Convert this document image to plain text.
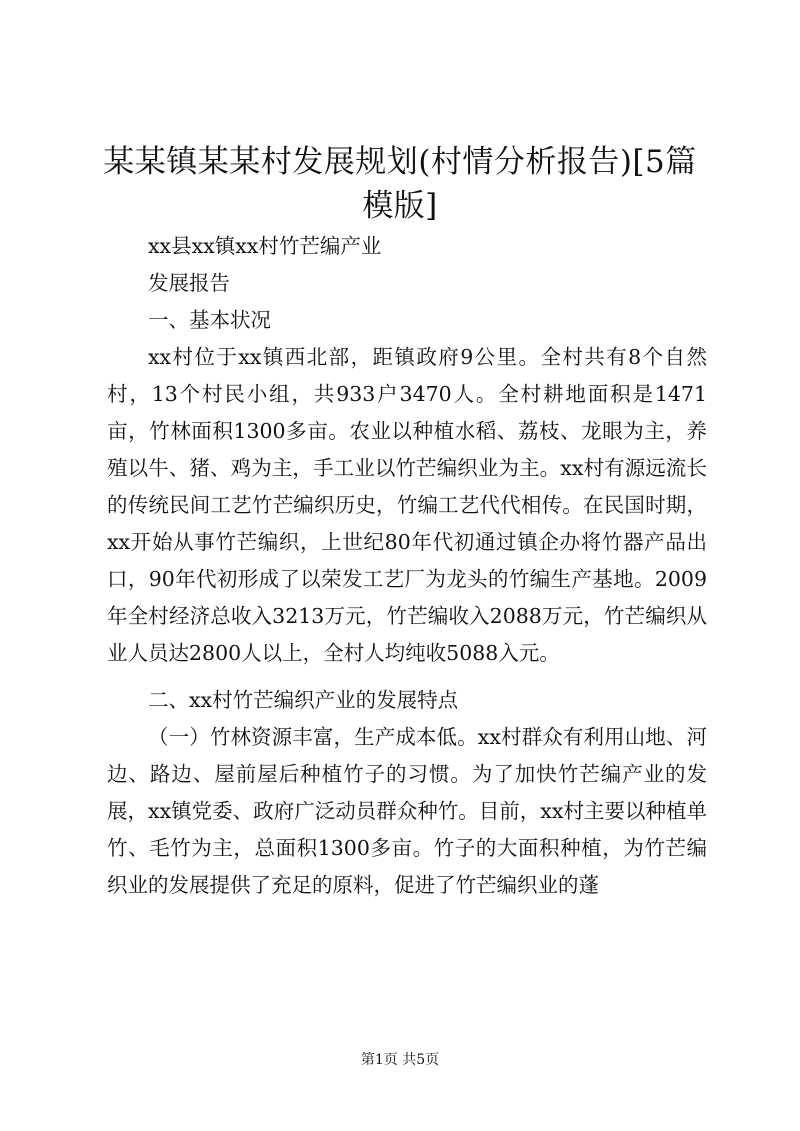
某某镇某某村发展规划(村情分析报告)[5篇模版]

xx县xx镇xx村竹芒编产业

发展报告

一、基本状况

xx村位于xx镇西北部，距镇政府9公里。全村共有8个自然村，13个村民小组，共933户3470人。全村耕地面积是1471亩，竹林面积1300多亩。农业以种植水稻、荔枝、龙眼为主，养殖以牛、猪、鸡为主，手工业以竹芒编织业为主。xx村有源远流长的传统民间工艺竹芒编织历史，竹编工艺代代相传。在民国时期，xx开始从事竹芒编织，上世纪80年代初通过镇企办将竹器产品出口，90年代初形成了以荣发工艺厂为龙头的竹编生产基地。2009年全村经济总收入3213万元，竹芒编收入2088万元，竹芒编织从业人员达2800人以上，全村人均纯收5088入元。

二、xx村竹芒编织产业的发展特点

（一）竹林资源丰富，生产成本低。xx村群众有利用山地、河边、路边、屋前屋后种植竹子的习惯。为了加快竹芒编产业的发展，xx镇党委、政府广泛动员群众种竹。目前，xx村主要以种植单竹、毛竹为主，总面积1300多亩。竹子的大面积种植，为竹芒编织业的发展提供了充足的原料，促进了竹芒编织业的蓬

第1页 共5页
